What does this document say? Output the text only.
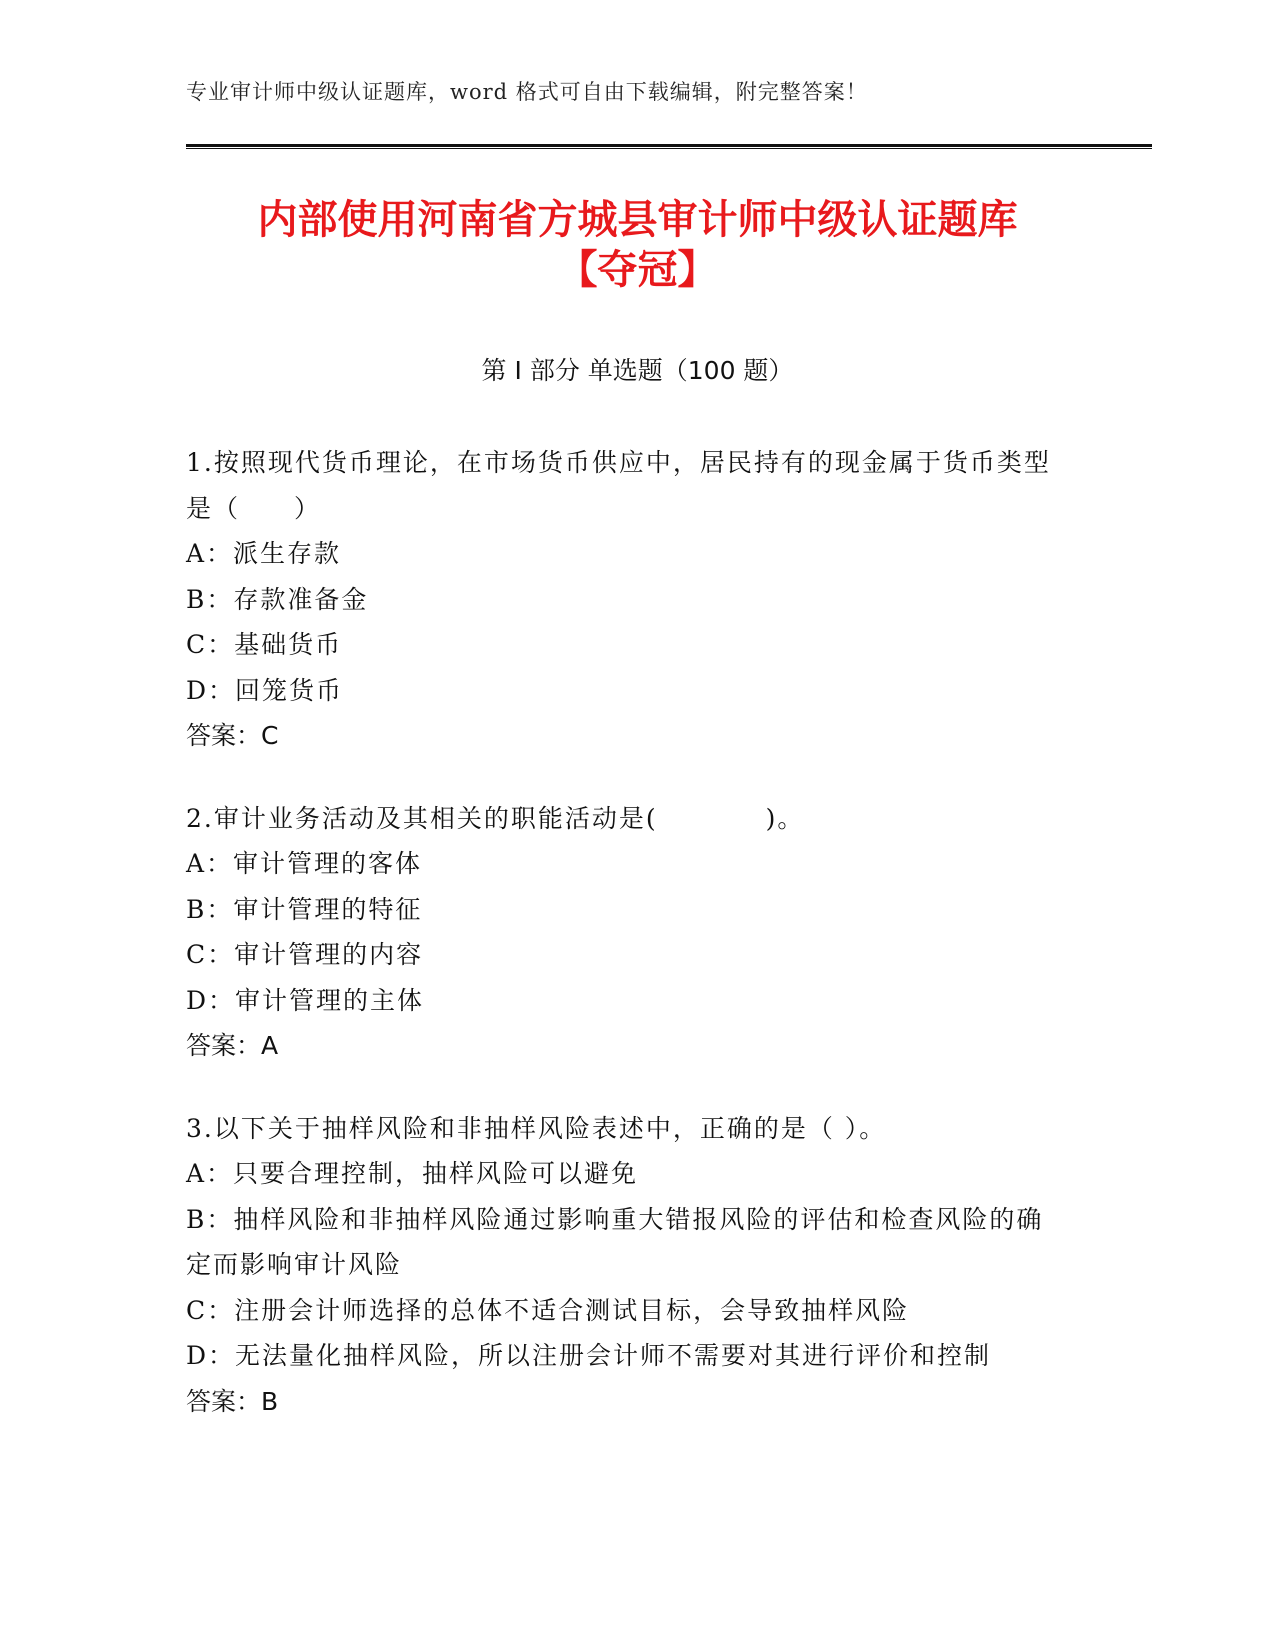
专业审计师中级认证题库，word 格式可自由下载编辑，附完整答案！
内部使用河南省方城县审计师中级认证题库
【夺冠】
第 I 部分 单选题（100 题）
1.按照现代货币理论，在市场货币供应中，居民持有的现金属于货币类型是（　　）
A：派生存款
B：存款准备金
C：基础货币
D：回笼货币
答案：C
2.审计业务活动及其相关的职能活动是(　　　　)。
A：审计管理的客体
B：审计管理的特征
C：审计管理的内容
D：审计管理的主体
答案：A
3.以下关于抽样风险和非抽样风险表述中，正确的是（ ）。
A：只要合理控制，抽样风险可以避免
B：抽样风险和非抽样风险通过影响重大错报风险的评估和检查风险的确定而影响审计风险
C：注册会计师选择的总体不适合测试目标，会导致抽样风险
D：无法量化抽样风险，所以注册会计师不需要对其进行评价和控制
答案：B
